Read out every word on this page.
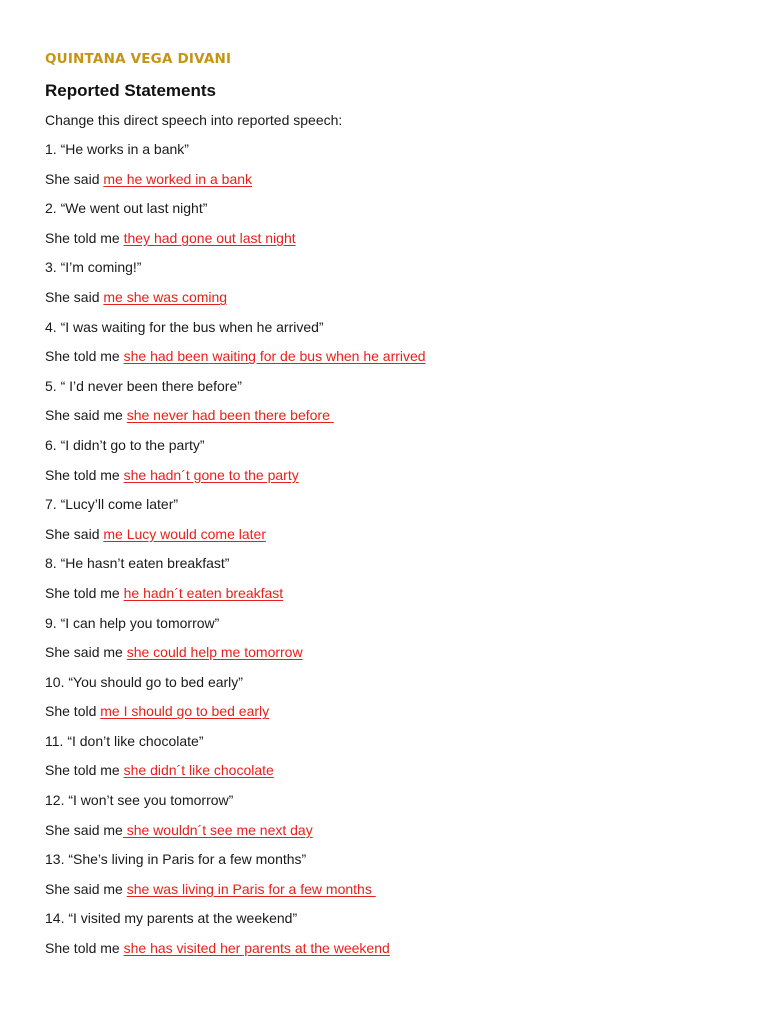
QUINTANA VEGA DIVANI
Reported Statements
Change this direct speech into reported speech:
1. “He works in a bank”
She said me he worked in a bank
2. “We went out last night”
She told me they had gone out last night
3. “I’m coming!”
She said me she was coming
4. “I was waiting for the bus when he arrived”
She told me she had been waiting for de bus when he arrived
5. “ I’d never been there before”
She said me she never had been there before
6. “I didn’t go to the party”
She told me she hadn´t gone to the party
7. “Lucy’ll come later”
She said me Lucy would come later
8. “He hasn’t eaten breakfast”
She told me he hadn´t eaten breakfast
9. “I can help you tomorrow”
She said me she could help me tomorrow
10. “You should go to bed early”
She told me I should go to bed early
11. “I don’t like chocolate”
She told me she didn´t like chocolate
12. “I won’t see you tomorrow”
She said me she wouldn´t see me next day
13. “She’s living in Paris for a few months”
She said me she was living in Paris for a few months
14. “I visited my parents at the weekend”
She told me she has visited her parents at the weekend
